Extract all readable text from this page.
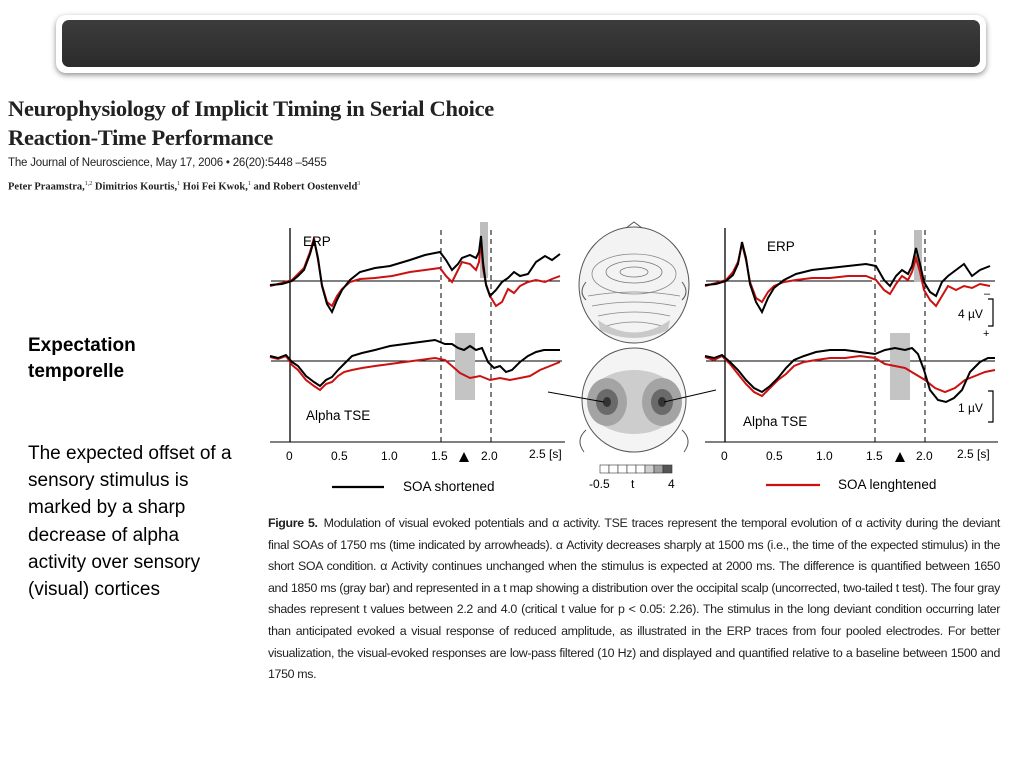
Neurophysiology of Implicit Timing in Serial Choice
Reaction-Time Performance
The Journal of Neuroscience, May 17, 2006 • 26(20):5448 –5455
Peter Praamstra,$^{1,2}$ Dimitrios Kourtis,$^1$ Hoi Fei Kwok,$^1$ and Robert Oostenveld$^3$
Expectation temporelle
The expected offset of a sensory stimulus is marked by a sharp decrease of alpha activity over sensory (visual) cortices
ERP
Alpha TSE
0	0.5	1.0	1.5	2.0	2.5 [s]
SOA shortened	-0.5 t	4
ERP
Alpha TSE
–
4 µV
+
1 µV
0	0.5	1.0	1.5	2.0 2.5 [s]
SOA lenghtened
Figure 5. Modulation of visual evoked potentials and α activity. TSE traces represent the temporal evolution of α activity during the deviant final SOAs of 1750 ms (time indicated by arrowheads). α Activity decreases sharply at 1500 ms (i.e., the time of the expected stimulus) in the short SOA condition. α Activity continues unchanged when the stimulus is expected at 2000 ms. The difference is quantified between 1650 and 1850 ms (gray bar) and represented in a t map showing a distribution over the occipital scalp (uncorrected, two-tailed t test). The four gray shades represent t values between 2.2 and 4.0 (critical t value for p < 0.05: 2.26). The stimulus in the long deviant condition occurring later than anticipated evoked a visual response of reduced amplitude, as illustrated in the ERP traces from four pooled electrodes. For better visualization, the visual-evoked responses are low-pass filtered (10 Hz) and displayed and quantified relative to a baseline between 1500 and 1750 ms.
